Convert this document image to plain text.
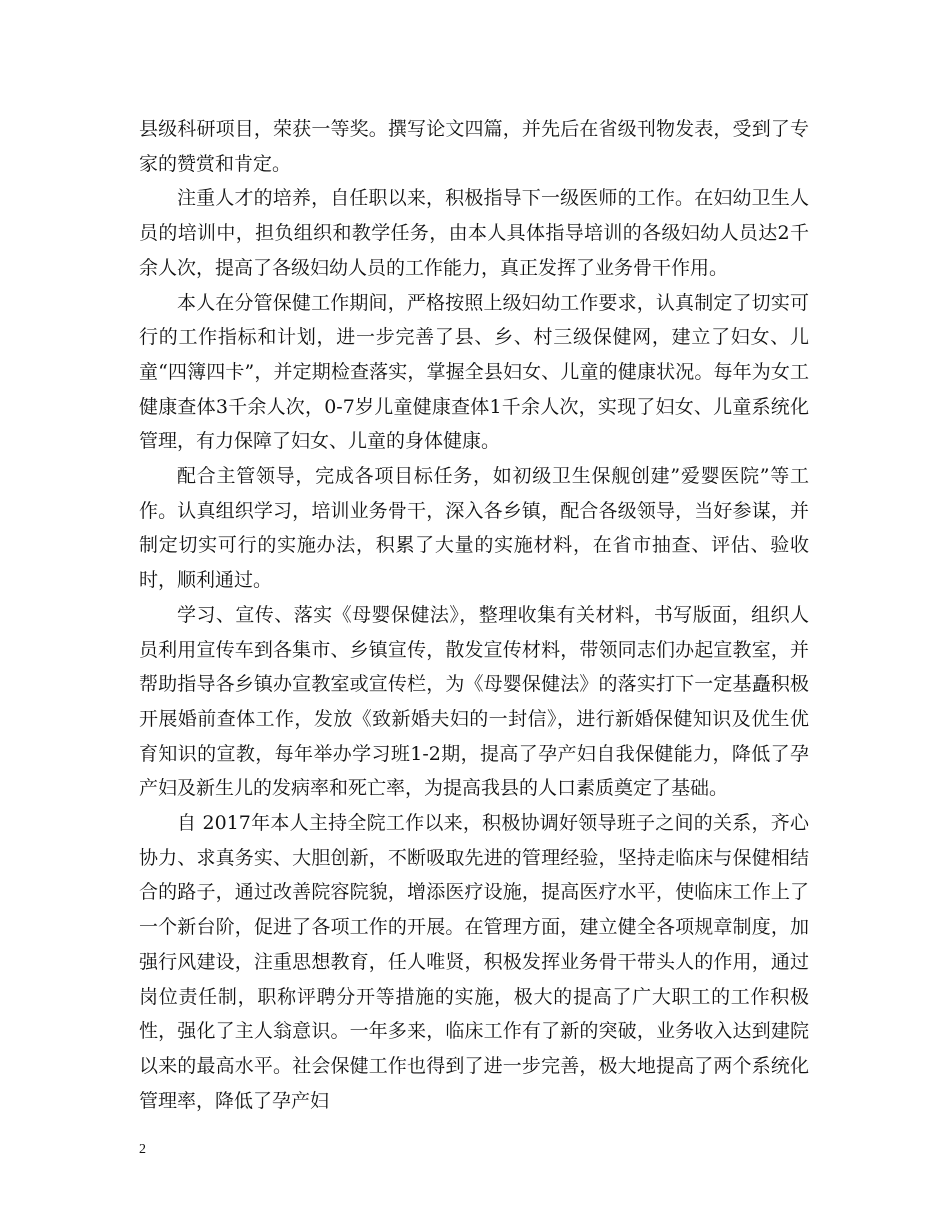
县级科研项目，荣获一等奖。撰写论文四篇，并先后在省级刊物发表，受到了专家的赞赏和肯定。

注重人才的培养，自任职以来，积极指导下一级医师的工作。在妇幼卫生人员的培训中，担负组织和教学任务，由本人具体指导培训的各级妇幼人员达2千余人次，提高了各级妇幼人员的工作能力，真正发挥了业务骨干作用。

本人在分管保健工作期间，严格按照上级妇幼工作要求，认真制定了切实可行的工作指标和计划，进一步完善了县、乡、村三级保健网，建立了妇女、儿童“四簿四卡”，并定期检查落实，掌握全县妇女、儿童的健康状况。每年为女工健康查体3千余人次，0-7岁儿童健康查体1千余人次，实现了妇女、儿童系统化管理，有力保障了妇女、儿童的身体健康。

配合主管领导，完成各项目标任务，如初级卫生保舰创建”爱婴医院”等工作。认真组织学习，培训业务骨干，深入各乡镇，配合各级领导，当好参谋，并制定切实可行的实施办法，积累了大量的实施材料，在省市抽查、评估、验收时，顺利通过。

学习、宣传、落实《母婴保健法》，整理收集有关材料，书写版面，组织人员利用宣传车到各集市、乡镇宣传，散发宣传材料，带领同志们办起宣教室，并帮助指导各乡镇办宣教室或宣传栏，为《母婴保健法》的落实打下一定基矗积极开展婚前查体工作，发放《致新婚夫妇的一封信》，进行新婚保健知识及优生优育知识的宣教，每年举办学习班1-2期，提高了孕产妇自我保健能力，降低了孕产妇及新生儿的发病率和死亡率，为提高我县的人口素质奠定了基础。

自 2017年本人主持全院工作以来，积极协调好领导班子之间的关系，齐心协力、求真务实、大胆创新，不断吸取先进的管理经验，坚持走临床与保健相结合的路子，通过改善院容院貌，增添医疗设施，提高医疗水平，使临床工作上了一个新台阶，促进了各项工作的开展。在管理方面，建立健全各项规章制度，加强行风建设，注重思想教育，任人唯贤，积极发挥业务骨干带头人的作用，通过岗位责任制，职称评聘分开等措施的实施，极大的提高了广大职工的工作积极性，强化了主人翁意识。一年多来，临床工作有了新的突破，业务收入达到建院以来的最高水平。社会保健工作也得到了进一步完善，极大地提高了两个系统化管理率，降低了孕产妇

2
